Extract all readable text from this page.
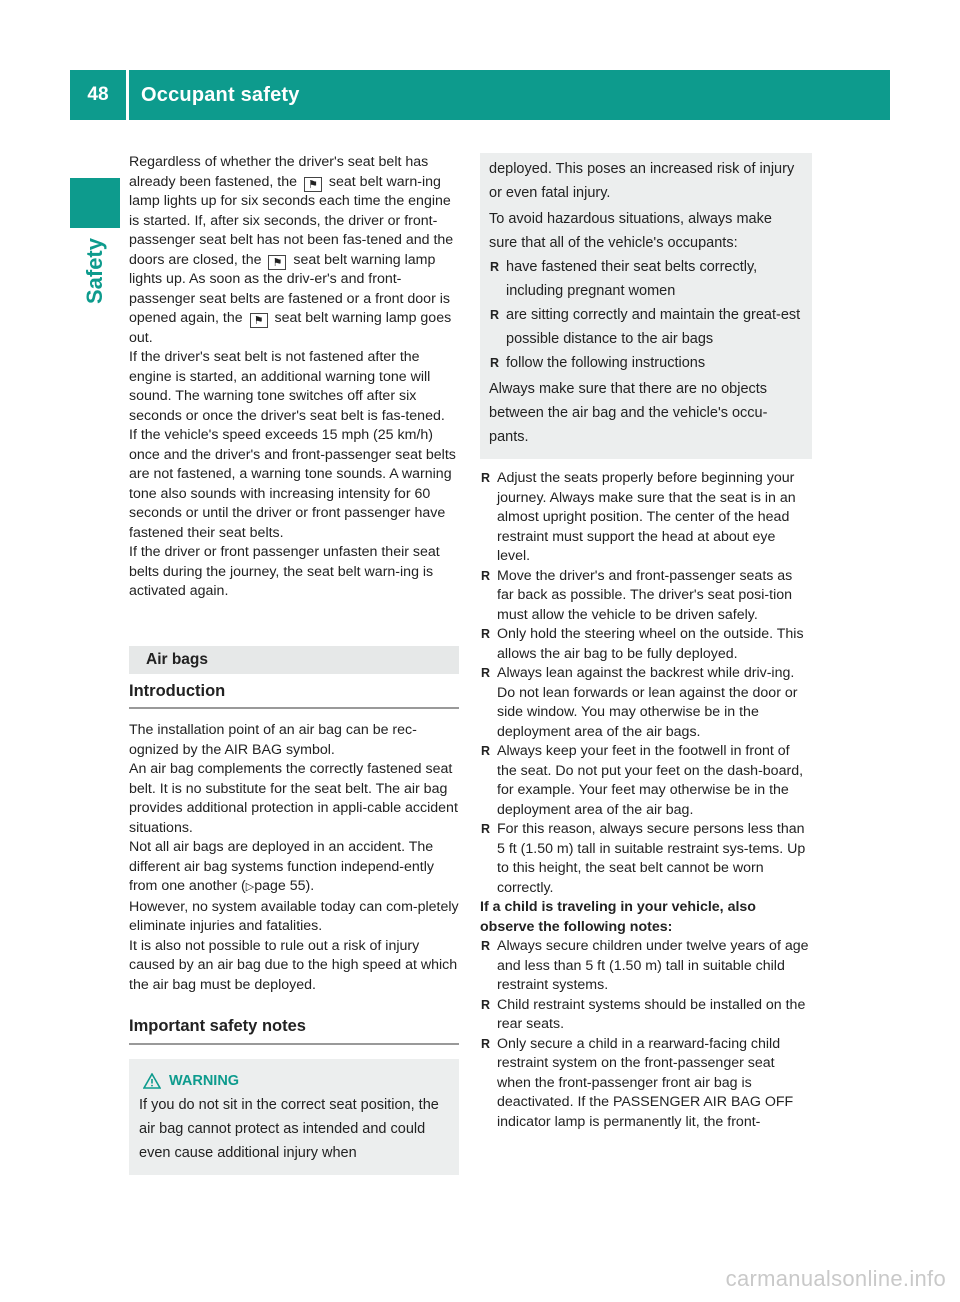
48	Occupant safety
Safety

Regardless of whether the driver's seat belt has already been fastened, the ⚑ seat belt warn-ing lamp lights up for six seconds each time the engine is started. If, after six seconds, the driver or front-passenger seat belt has not been fas-tened and the doors are closed, the ⚑ seat belt warning lamp lights up. As soon as the driv-er's and front-passenger seat belts are fastened or a front door is opened again, the ⚑ seat belt warning lamp goes out.

If the driver's seat belt is not fastened after the engine is started, an additional warning tone will sound. The warning tone switches off after six seconds or once the driver's seat belt is fas-tened.

If the vehicle's speed exceeds 15 mph (25 km/h) once and the driver's and front-passenger seat belts are not fastened, a warning tone sounds. A warning tone also sounds with increasing intensity for 60 seconds or until the driver or front passenger have fastened their seat belts.

If the driver or front passenger unfasten their seat belts during the journey, the seat belt warn-ing is activated again.

Air bags
Introduction

The installation point of an air bag can be rec-ognized by the AIR BAG symbol.

An air bag complements the correctly fastened seat belt. It is no substitute for the seat belt. The air bag provides additional protection in appli-cable accident situations.

Not all air bags are deployed in an accident. The different air bag systems function independ-ently from one another (▷page 55).

However, no system available today can com-pletely eliminate injuries and fatalities.

It is also not possible to rule out a risk of injury caused by an air bag due to the high speed at which the air bag must be deployed.

Important safety notes
WARNING

If you do not sit in the correct seat position, the air bag cannot protect as intended and could even cause additional injury when

deployed. This poses an increased risk of injury or even fatal injury.

To avoid hazardous situations, always make sure that all of the vehicle's occupants:

R have fastened their seat belts correctly, including pregnant women
R are sitting correctly and maintain the great-est possible distance to the air bags
R follow the following instructions

Always make sure that there are no objects between the air bag and the vehicle's occu-pants.

R Adjust the seats properly before beginning your journey. Always make sure that the seat is in an almost upright position. The center of the head restraint must support the head at about eye level.
R Move the driver's and front-passenger seats as far back as possible. The driver's seat posi-tion must allow the vehicle to be driven safely.
R Only hold the steering wheel on the outside. This allows the air bag to be fully deployed.
R Always lean against the backrest while driv-ing. Do not lean forwards or lean against the door or side window. You may otherwise be in the deployment area of the air bags.
R Always keep your feet in the footwell in front of the seat. Do not put your feet on the dash-board, for example. Your feet may otherwise be in the deployment area of the air bag.
R For this reason, always secure persons less than 5 ft (1.50 m) tall in suitable restraint sys-tems. Up to this height, the seat belt cannot be worn correctly.

If a child is traveling in your vehicle, also observe the following notes:

R Always secure children under twelve years of age and less than 5 ft (1.50 m) tall in suitable child restraint systems.
R Child restraint systems should be installed on the rear seats.
R Only secure a child in a rearward-facing child restraint system on the front-passenger seat when the front-passenger front air bag is deactivated. If the PASSENGER AIR BAG OFF indicator lamp is permanently lit, the front-
carmanualsonline.info
